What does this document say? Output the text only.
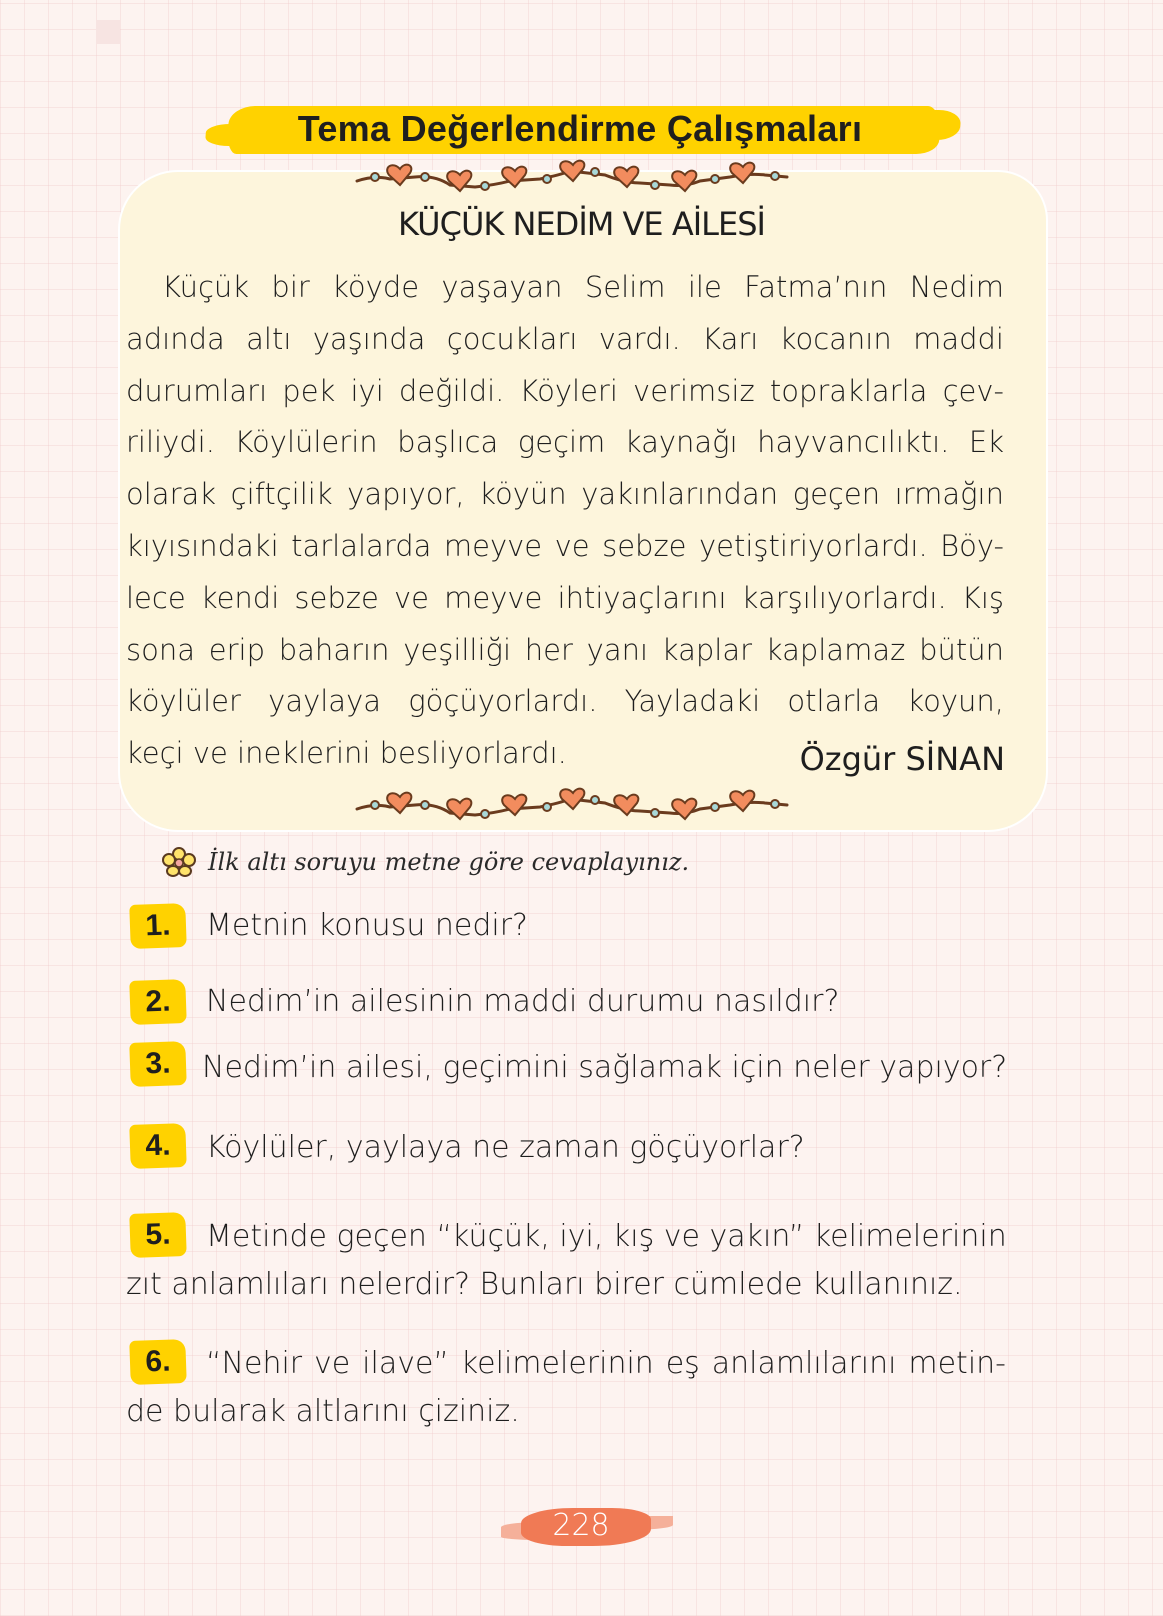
Tema Değerlendirme Çalışmaları
KÜÇÜK NEDİM VE AİLESİ
Küçük bir köyde yaşayan Selim ile Fatma’nın Nedim
adında altı yaşında çocukları vardı. Karı kocanın maddi
durumları pek iyi değildi. Köyleri verimsiz topraklarla çev-
riliydi. Köylülerin başlıca geçim kaynağı hayvancılıktı. Ek
olarak çiftçilik yapıyor, köyün yakınlarından geçen ırmağın
kıyısındaki tarlalarda meyve ve sebze yetiştiriyorlardı. Böy-
lece kendi sebze ve meyve ihtiyaçlarını karşılıyorlardı. Kış
sona erip baharın yeşilliği her yanı kaplar kaplamaz bütün
köylüler yaylaya göçüyorlardı. Yayladaki otlarla koyun,
keçi ve ineklerini besliyorlardı.	Özgür SİNAN
İlk altı soruyu metne göre cevaplayınız.
1.	Metnin konusu nedir?
2.	Nedim’in ailesinin maddi durumu nasıldır?
3.	Nedim’in ailesi, geçimini sağlamak için neler yapıyor?
4.	Köylüler, yaylaya ne zaman göçüyorlar?
5.	Metinde geçen “küçük, iyi, kış ve yakın” kelimelerinin
zıt anlamlıları nelerdir? Bunları birer cümlede kullanınız.
6.	“Nehir ve ilave” kelimelerinin eş anlamlılarını metin-
de bularak altlarını çiziniz.
228
